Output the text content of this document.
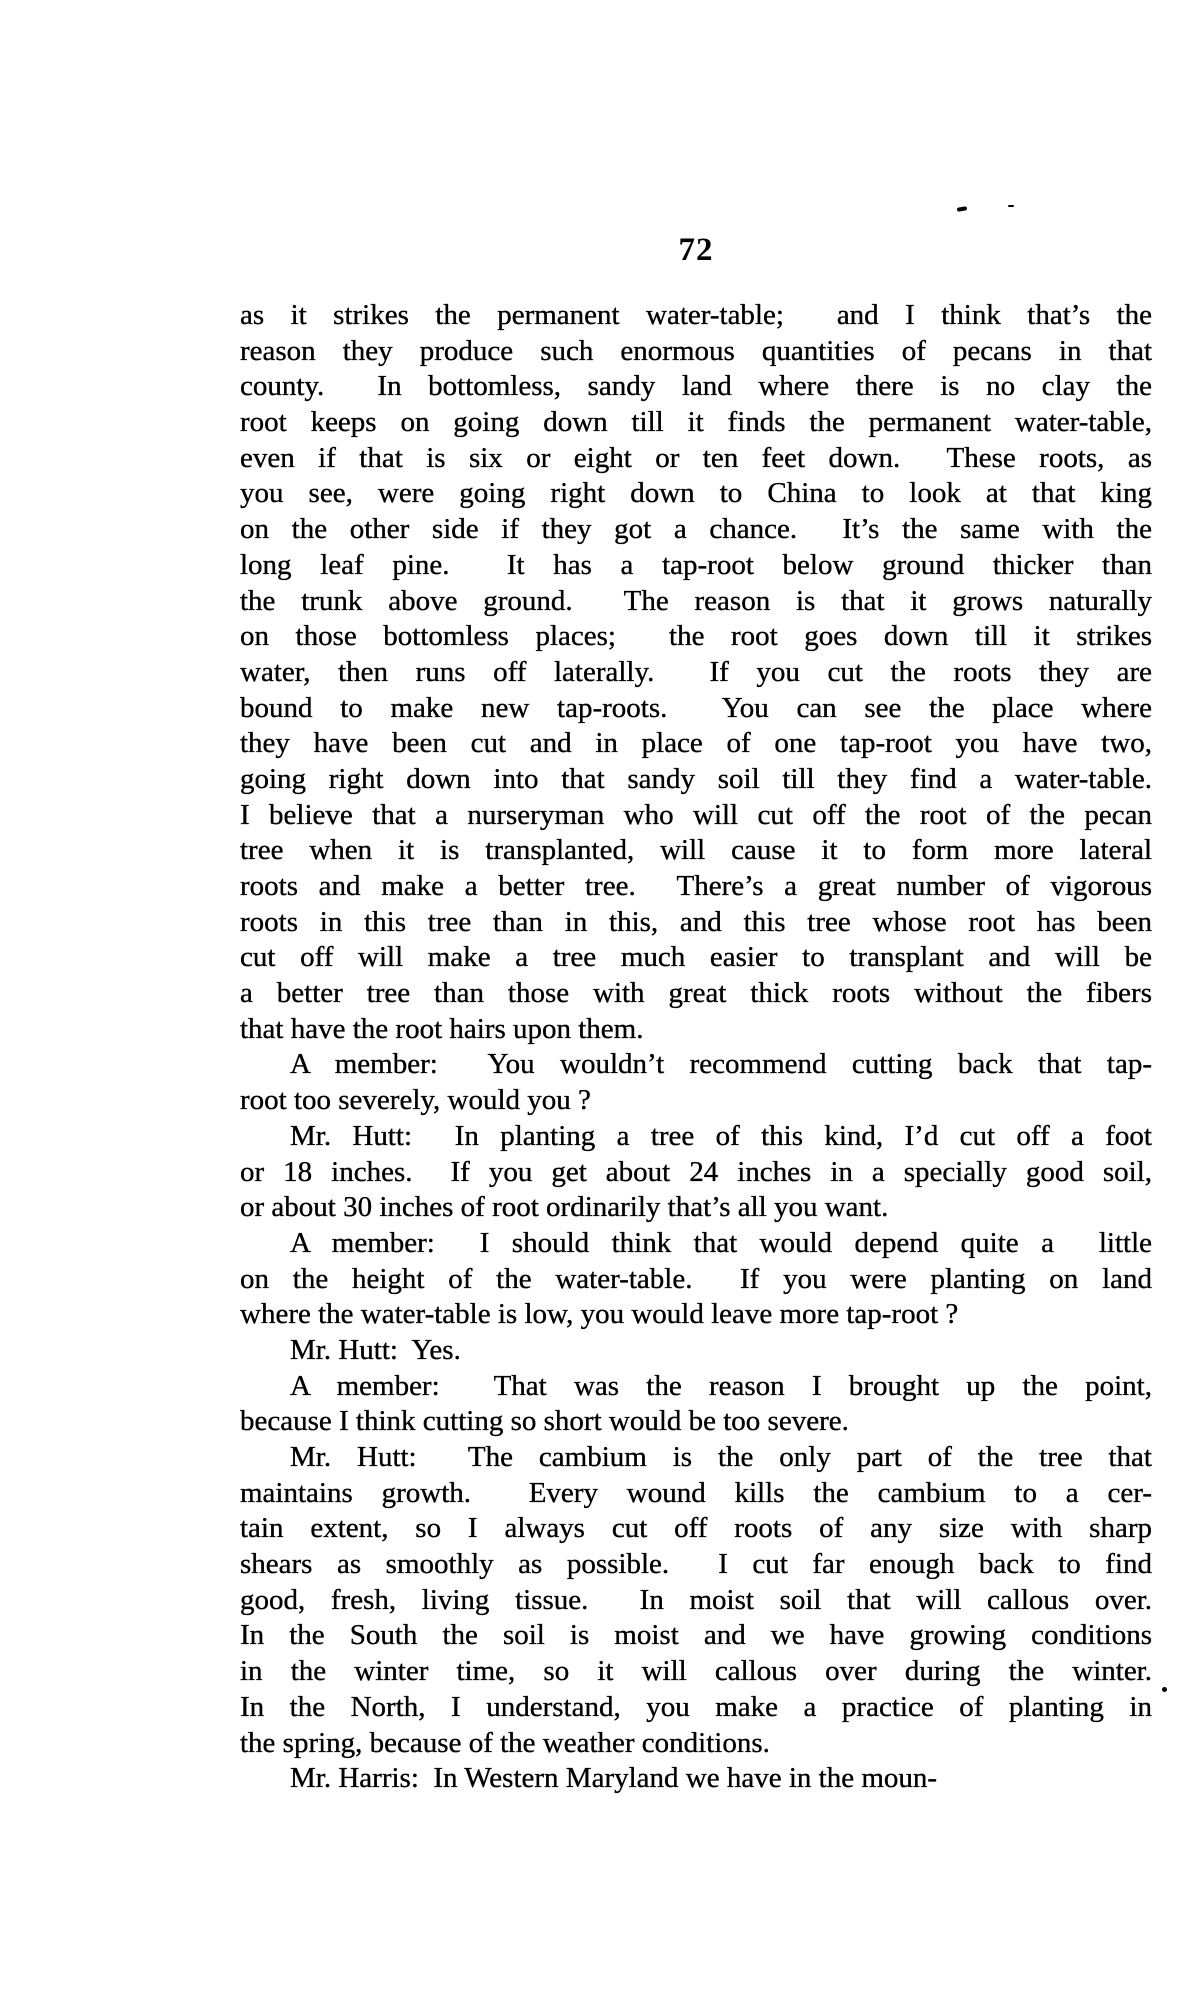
72
as it strikes the permanent water-table;  and I think that’s the
reason they produce such enormous quantities of pecans in that
county.  In bottomless, sandy land where there is no clay the
root keeps on going down till it finds the permanent water-table,
even if that is six or eight or ten feet down.  These roots, as
you see, were going right down to China to look at that king
on the other side if they got a chance.  It’s the same with the
long leaf pine.  It has a tap-root below ground thicker than
the trunk above ground.  The reason is that it grows naturally
on those bottomless places;  the root goes down till it strikes
water, then runs off laterally.  If you cut the roots they are
bound to make new tap-roots.  You can see the place where
they have been cut and in place of one tap-root you have two,
going right down into that sandy soil till they find a water-table.
I believe that a nurseryman who will cut off the root of the pecan
tree when it is transplanted, will cause it to form more lateral
roots and make a better tree.  There’s a great number of vigorous
roots in this tree than in this, and this tree whose root has been
cut off will make a tree much easier to transplant and will be
a better tree than those with great thick roots without the fibers
that have the root hairs upon them.
A member:  You wouldn’t recommend cutting back that tap-
root too severely, would you ?
Mr. Hutt:  In planting a tree of this kind, I’d cut off a foot
or 18 inches.  If you get about 24 inches in a specially good soil,
or about 30 inches of root ordinarily that’s all you want.
A member:  I should think that would depend quite a  little
on the height of the water-table.  If you were planting on land
where the water-table is low, you would leave more tap-root ?
Mr. Hutt:  Yes.
A member:  That was the reason I brought up the point,
because I think cutting so short would be too severe.
Mr. Hutt:  The cambium is the only part of the tree that
maintains growth.  Every wound kills the cambium to a cer-
tain extent, so I always cut off roots of any size with sharp
shears as smoothly as possible.  I cut far enough back to find
good, fresh, living tissue.  In moist soil that will callous over.
In the South the soil is moist and we have growing conditions
in the winter time, so it will callous over during the winter.
In the North, I understand, you make a practice of planting in
the spring, because of the weather conditions.
Mr. Harris:  In Western Maryland we have in the moun-
